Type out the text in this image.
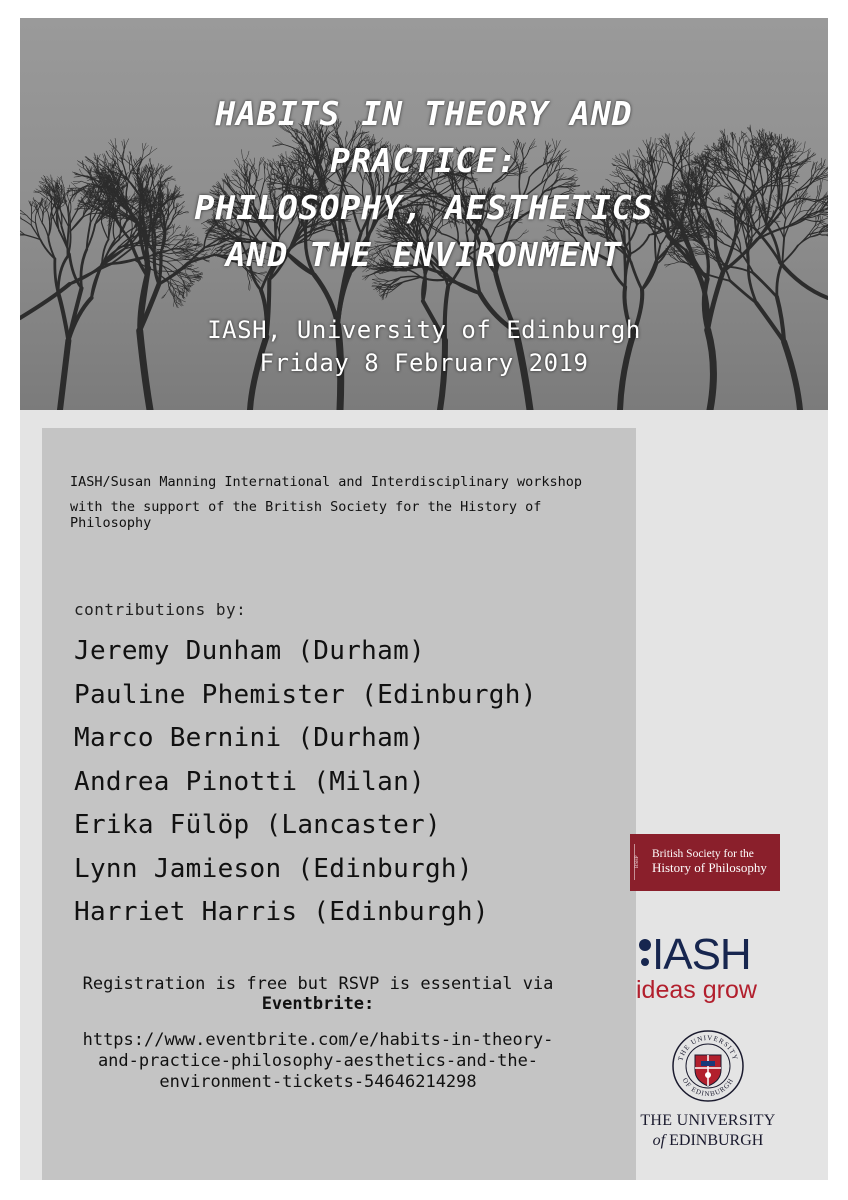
HABITS IN THEORY AND
PRACTICE:
PHILOSOPHY, AESTHETICS
AND THE ENVIRONMENT
IASH, University of Edinburgh
Friday 8 February 2019

IASH/Susan Manning International and Interdisciplinary workshop

with the support of the British Society for the History of Philosophy

contributions by:
Jeremy Dunham (Durham)
Pauline Phemister (Edinburgh)
Marco Bernini (Durham)
Andrea Pinotti (Milan)
Erika Fülöp (Lancaster)
Lynn Jamieson (Edinburgh)
Harriet Harris (Edinburgh)
Registration is free but RSVP is essential via
Eventbrite:
https://www.eventbrite.com/e/habits-in-theory-
and-practice-philosophy-aesthetics-and-the-
environment-tickets-54646214298
BSHP
British Society for the
History of Philosophy
IASH
ideas grow
THE UNIVERSITY
OF EDINBURGH
THE UNIVERSITY
of EDINBURGH
